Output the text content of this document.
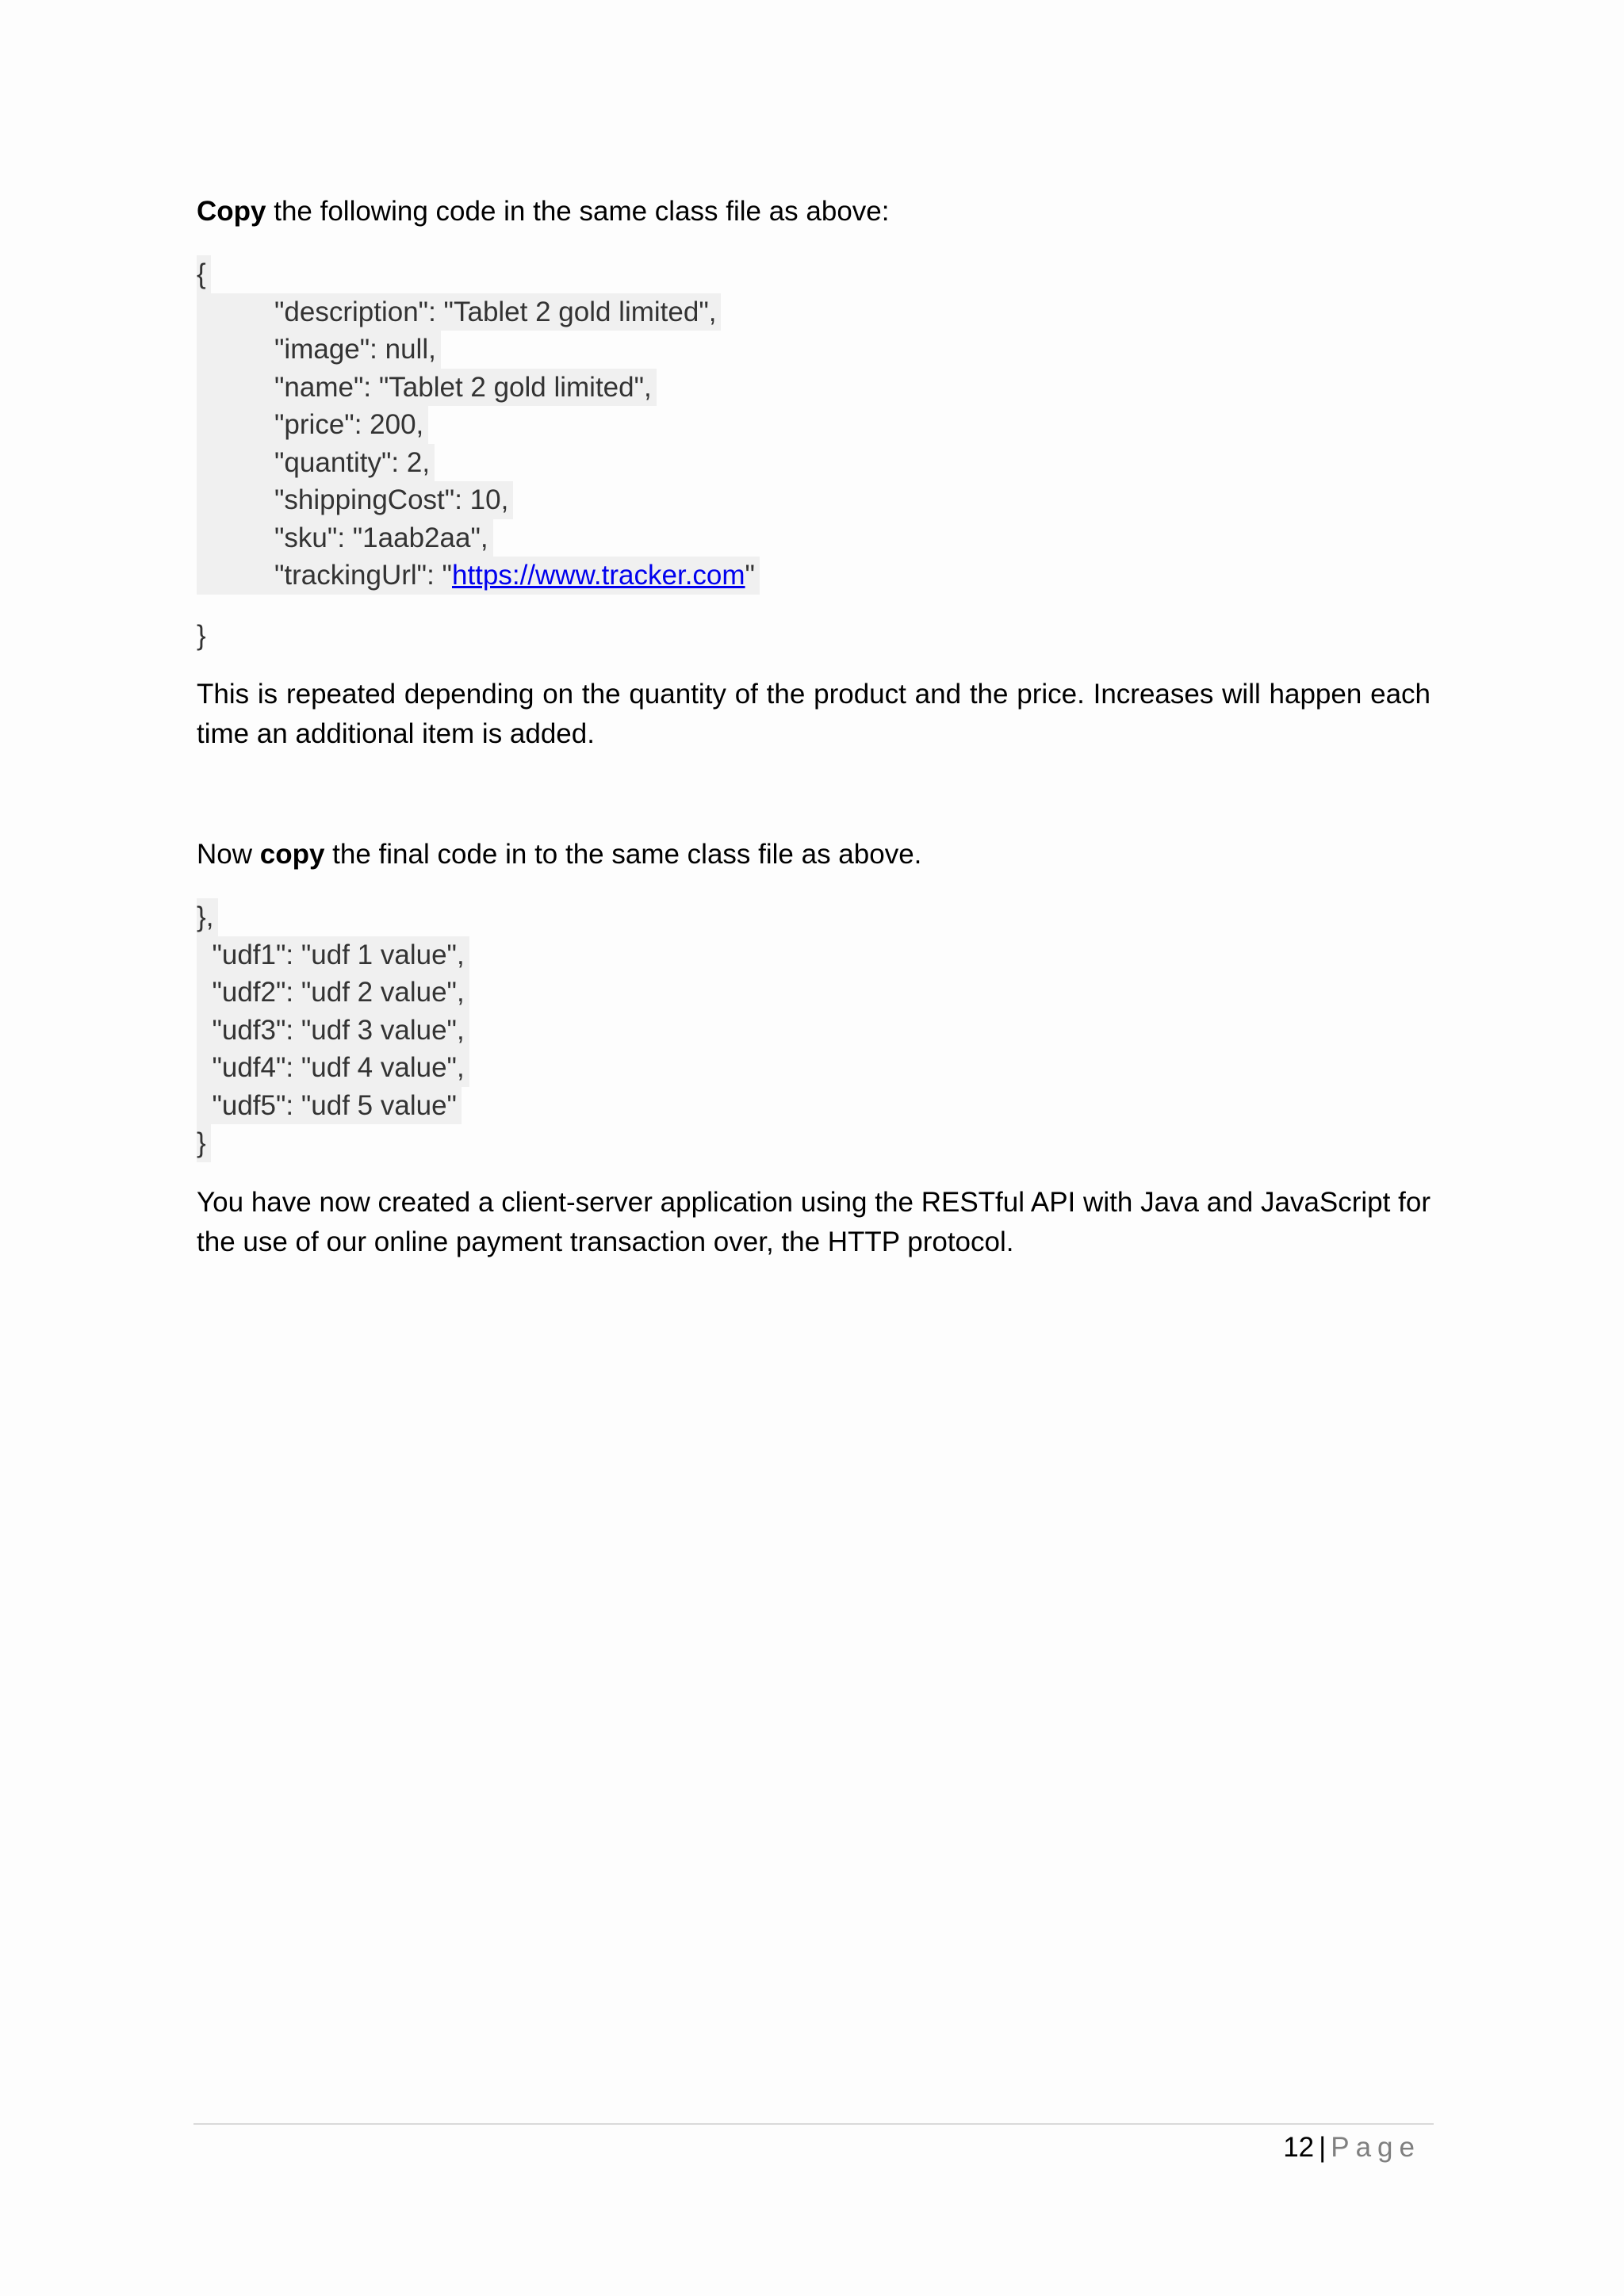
Copy the following code in the same class file as above:

{
"description": "Tablet 2 gold limited",
"image": null,
"name": "Tablet 2 gold limited",
"price": 200,
"quantity": 2,
"shippingCost": 10,
"sku": "1aab2aa",
"trackingUrl": " https://www.tracker.com "
}

This is repeated depending on the quantity of the product and the price. Increases will happen each time an additional item is added.

Now copy the final code in to the same class file as above.

},
"udf1": "udf 1 value",
"udf2": "udf 2 value",
"udf3": "udf 3 value",
"udf4": "udf 4 value",
"udf5": "udf 5 value"
}

You have now created a client-server application using the RESTful API with Java and JavaScript for the use of our online payment transaction over, the HTTP protocol.

12 | Page
